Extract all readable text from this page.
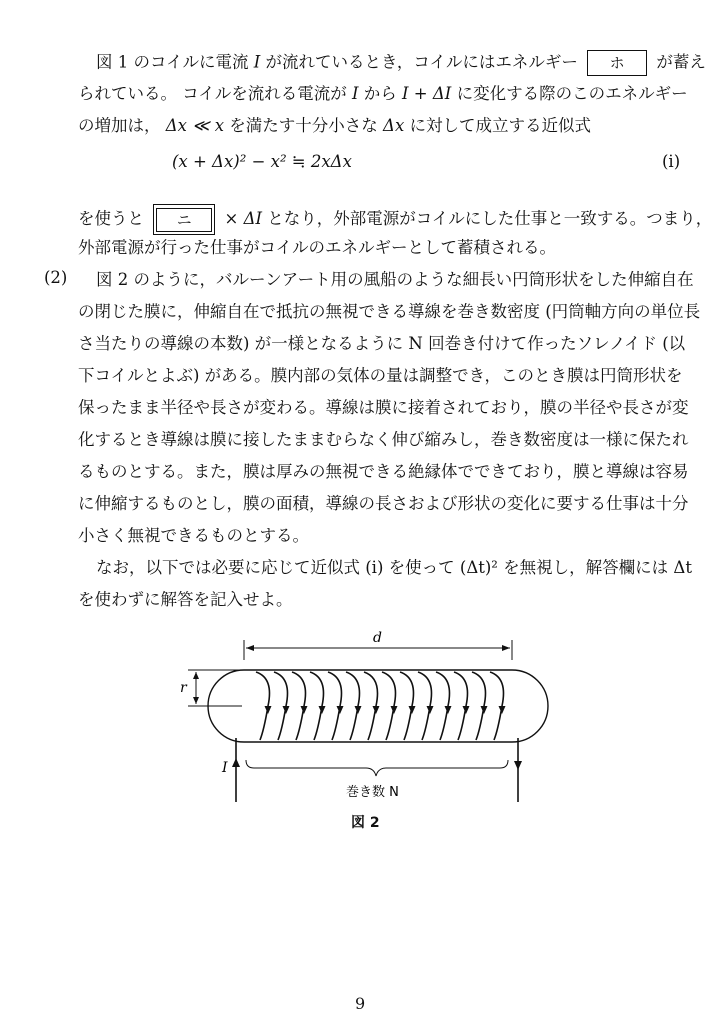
図 1 のコイルに電流 I が流れているとき，コイルにはエネルギー ホ が蓄え
られている。 コイルを流れる電流が I から I + ΔI に変化する際のこのエネルギー
の増加は， Δx ≪ x を満たす十分小さな Δx に対して成立する近似式
(x + Δx)² − x² ≒ 2xΔx	(i)
を使うと ニ × ΔI となり，外部電源がコイルにした仕事と一致する。つまり，
外部電源が行った仕事がコイルのエネルギーとして蓄積される。
(2) 図 2 のように，バルーンアート用の風船のような細長い円筒形状をした伸縮自在
の閉じた膜に，伸縮自在で抵抗の無視できる導線を巻き数密度 (円筒軸方向の単位長
さ当たりの導線の本数) が一様となるように N 回巻き付けて作ったソレノイド (以
下コイルとよぶ) がある。膜内部の気体の量は調整でき，このとき膜は円筒形状を
保ったまま半径や長さが変わる。導線は膜に接着されており，膜の半径や長さが変
化するとき導線は膜に接したままむらなく伸び縮みし，巻き数密度は一様に保たれ
るものとする。また，膜は厚みの無視できる絶縁体でできており，膜と導線は容易
に伸縮するものとし，膜の面積，導線の長さおよび形状の変化に要する仕事は十分
小さく無視できるものとする。
なお，以下では必要に応じて近似式 (i) を使って (Δt)² を無視し，解答欄には Δt
を使わずに解答を記入せよ。
d
r
I
巻き数 N
図 2
9
